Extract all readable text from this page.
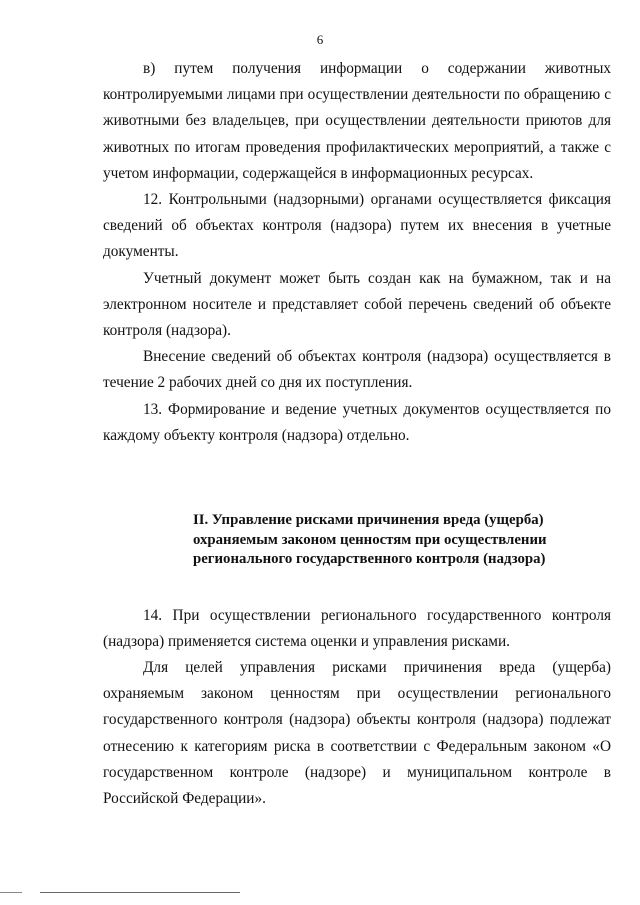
6

в) путем получения информации о содержании животных контролируемыми лицами при осуществлении деятельности по обращению с животными без владельцев, при осуществлении деятельности приютов для животных по итогам проведения профилактических мероприятий, а также с учетом информации, содержащейся в информационных ресурсах.

12. Контрольными (надзорными) органами осуществляется фиксация сведений об объектах контроля (надзора) путем их внесения в учетные документы.

Учетный документ может быть создан как на бумажном, так и на электронном носителе и представляет собой перечень сведений об объекте контроля (надзора).

Внесение сведений об объектах контроля (надзора) осуществляется в течение 2 рабочих дней со дня их поступления.

13. Формирование и ведение учетных документов осуществляется по каждому объекту контроля (надзора) отдельно.

II. Управление рисками причинения вреда (ущерба)
охраняемым законом ценностям при осуществлении
регионального государственного контроля (надзора)

14. При осуществлении регионального государственного контроля (надзора) применяется система оценки и управления рисками.

Для целей управления рисками причинения вреда (ущерба) охраняемым законом ценностям при осуществлении регионального государственного контроля (надзора) объекты контроля (надзора) подлежат отнесению к категориям риска в соответствии с Федеральным законом «О государственном контроле (надзоре) и муниципальном контроле в Российской Федерации».
